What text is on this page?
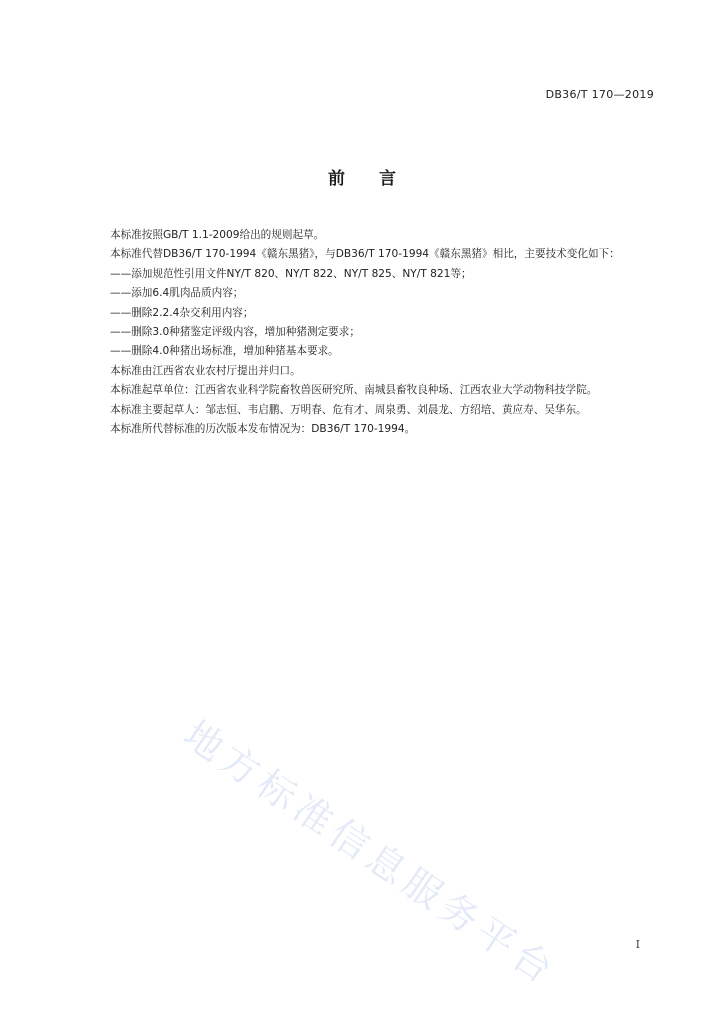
DB36/T 170—2019
前言

本标准按照GB/T 1.1-2009给出的规则起草。

本标准代替DB36/T 170-1994《赣东黑猪》，与DB36/T 170-1994《赣东黑猪》相比，主要技术变化如下：

——添加规范性引用文件NY/T 820、NY/T 822、NY/T 825、NY/T 821等；

——添加6.4肌肉品质内容；

——删除2.2.4杂交利用内容；

——删除3.0种猪鉴定评级内容，增加种猪测定要求；

——删除4.0种猪出场标准，增加种猪基本要求。

本标准由江西省农业农村厅提出并归口。

本标准起草单位：江西省农业科学院畜牧兽医研究所、南城县畜牧良种场、江西农业大学动物科技学院。

本标准主要起草人：邹志恒、韦启鹏、万明春、危有才、周泉勇、刘晨龙、方绍培、黄应寿、吴华东。

本标准所代替标准的历次版本发布情况为：DB36/T 170-1994。

地方标准信息服务平台	I
